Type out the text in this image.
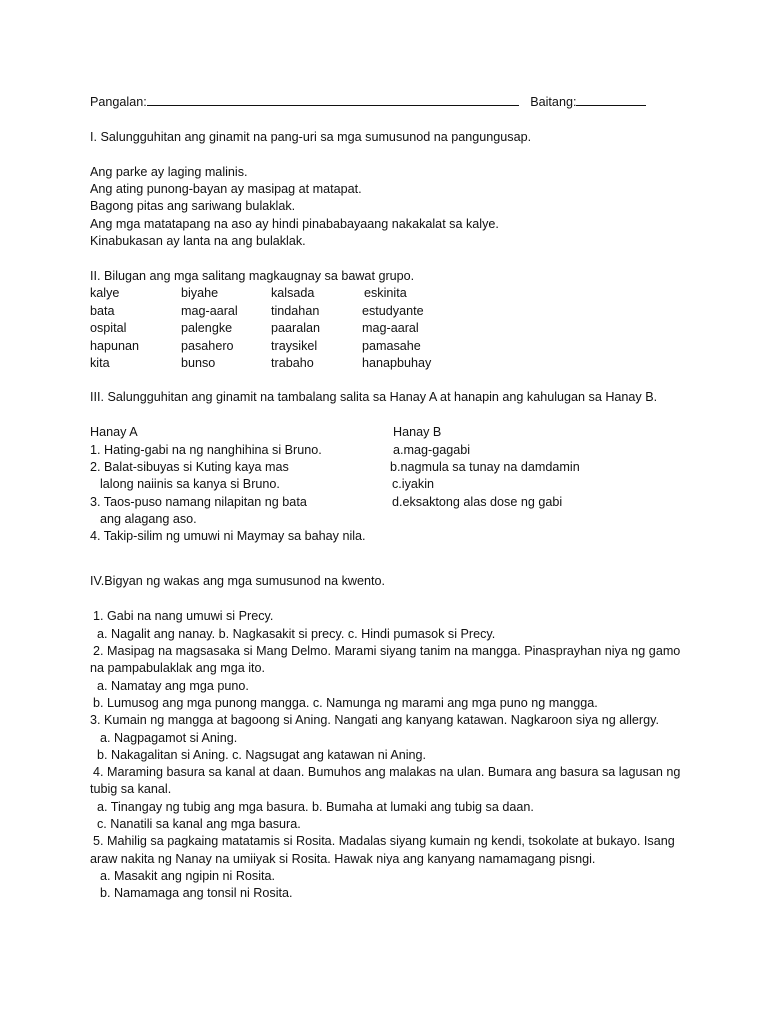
Pangalan:	Baitang:
I. Salungguhitan ang ginamit na pang-uri sa mga sumusunod na pangungusap.
Ang parke ay laging malinis.
Ang ating punong-bayan ay masipag at matapat.
Bagong pitas ang sariwang bulaklak.
Ang mga matatapang na aso ay hindi pinababayaang nakakalat sa kalye.
Kinabukasan ay lanta na ang bulaklak.
II. Bilugan ang mga salitang magkaugnay sa bawat grupo.
kalye	biyahe	kalsada	eskinita
bata	mag-aaral	tindahan	estudyante
ospital	palengke	paaralan	mag-aaral
hapunan	pasahero	traysikel	pamasahe
kita	bunso	trabaho	hanapbuhay
III. Salungguhitan ang ginamit na tambalang salita sa Hanay A at hanapin ang kahulugan sa Hanay B.
Hanay A	Hanay B
1. Hating-gabi na ng nanghihina si Bruno.	a.mag-gagabi
2. Balat-sibuyas si Kuting kaya mas	b.nagmula sa tunay na damdamin
lalong naiinis sa kanya si Bruno.	c.iyakin
3. Taos-puso namang nilapitan ng bata	d.eksaktong alas dose ng gabi
ang alagang aso.
4. Takip-silim ng umuwi ni Maymay sa bahay nila.
IV.Bigyan ng wakas ang mga sumusunod na kwento.
1. Gabi na nang umuwi si Precy.
a. Nagalit ang nanay. b. Nagkasakit si precy. c. Hindi pumasok si Precy.
2. Masipag na magsasaka si Mang Delmo. Marami siyang tanim na mangga. Pinasprayhan niya ng gamo
na pampabulaklak ang mga ito.
a. Namatay ang mga puno.
b. Lumusog ang mga punong mangga. c. Namunga ng marami ang mga puno ng mangga.
3. Kumain ng mangga at bagoong si Aning. Nangati ang kanyang katawan. Nagkaroon siya ng allergy.
a. Nagpagamot si Aning.
b. Nakagalitan si Aning. c. Nagsugat ang katawan ni Aning.
4. Maraming basura sa kanal at daan. Bumuhos ang malakas na ulan. Bumara ang basura sa lagusan ng
tubig sa kanal.
a. Tinangay ng tubig ang mga basura. b. Bumaha at lumaki ang tubig sa daan.
c. Nanatili sa kanal ang mga basura.
5. Mahilig sa pagkaing matatamis si Rosita. Madalas siyang kumain ng kendi, tsokolate at bukayo. Isang
araw nakita ng Nanay na umiiyak si Rosita. Hawak niya ang kanyang namamagang pisngi.
a. Masakit ang ngipin ni Rosita.
b. Namamaga ang tonsil ni Rosita.
